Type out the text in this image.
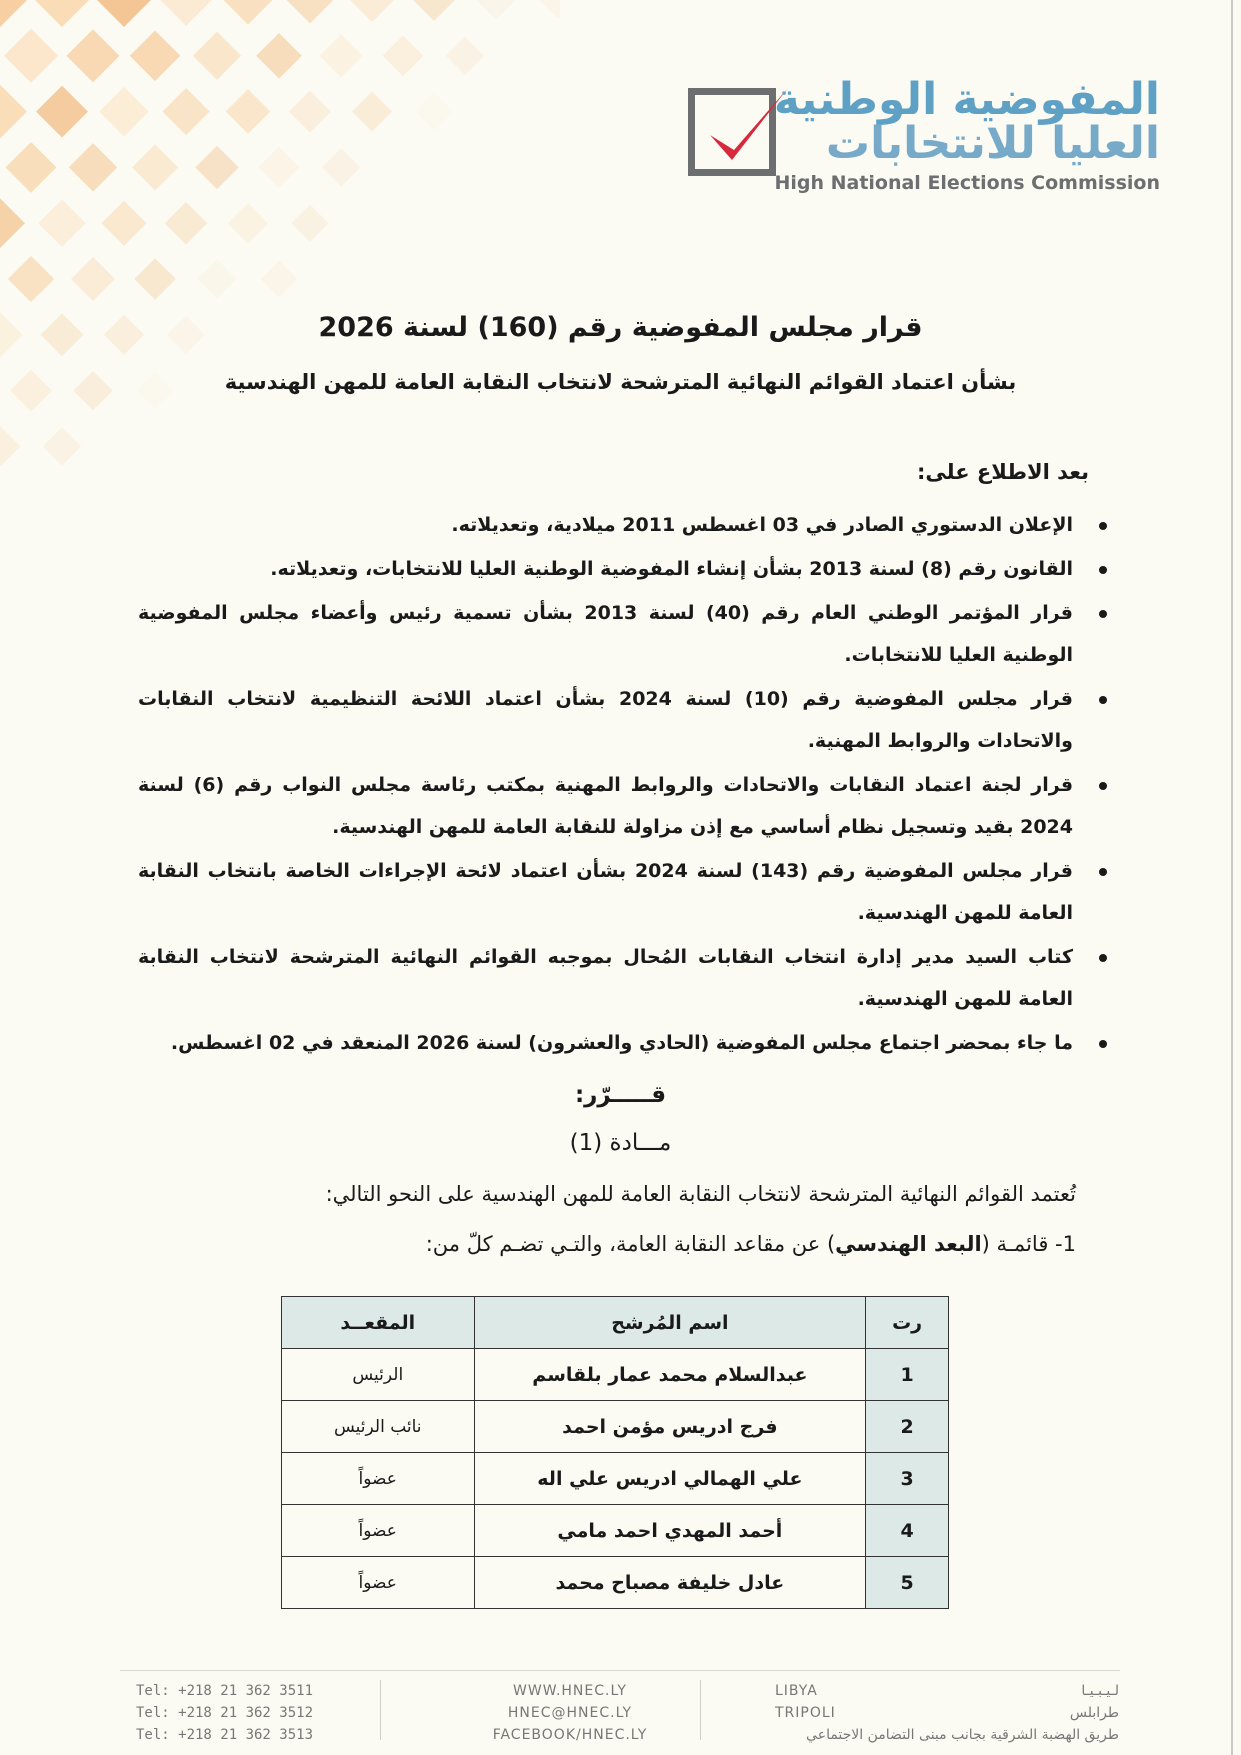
المفوضية الوطنية
العليا للانتخابات
High National Elections Commission
قرار مجلس المفوضية رقم (160) لسنة 2026
بشأن اعتماد القوائم النهائية المترشحة لانتخاب النقابة العامة للمهن الهندسية
بعد الاطلاع على:
الإعلان الدستوري الصادر في 03 اغسطس 2011 ميلادية، وتعديلاته.
القانون رقم (8) لسنة 2013 بشأن إنشاء المفوضية الوطنية العليا للانتخابات، وتعديلاته.
قرار المؤتمر الوطني العام رقم (40) لسنة 2013 بشأن تسمية رئيس وأعضاء مجلس المفوضية الوطنية العليا للانتخابات.
قرار مجلس المفوضية رقم (10) لسنة 2024 بشأن اعتماد اللائحة التنظيمية لانتخاب النقابات والاتحادات والروابط المهنية.
قرار لجنة اعتماد النقابات والاتحادات والروابط المهنية بمكتب رئاسة مجلس النواب رقم (6) لسنة 2024 بقيد وتسجيل نظام أساسي مع إذن مزاولة للنقابة العامة للمهن الهندسية.
قرار مجلس المفوضية رقم (143) لسنة 2024 بشأن اعتماد لائحة الإجراءات الخاصة بانتخاب النقابة العامة للمهن الهندسية.
كتاب السيد مدير إدارة انتخاب النقابات المُحال بموجبه القوائم النهائية المترشحة لانتخاب النقابة العامة للمهن الهندسية.
ما جاء بمحضر اجتماع مجلس المفوضية (الحادي والعشرون) لسنة 2026 المنعقد في 02 اغسطس.
قـــــرّر:
مـــادة (1)
تُعتمد القوائم النهائية المترشحة لانتخاب النقابة العامة للمهن الهندسية على النحو التالي:
1- قائمـة (البعد الهندسي) عن مقاعد النقابة العامة، والتـي تضـم كلّ من:
رت	اسم المُرشح	المقعــد
1	عبدالسلام محمد عمار بلقاسم	الرئيس
2	فرج ادريس مؤمن احمد	نائب الرئيس
3	علي الهمالي ادريس علي اله	عضواً
4	أحمد المهدي احمد مامي	عضواً
5	عادل خليفة مصباح محمد	عضواً
Tel: +218 21 362 3511
Tel: +218 21 362 3512
Tel: +218 21 362 3513
WWW.HNEC.LY
HNEC@HNEC.LY
FACEBOOK/HNEC.LY
LIBYA
TRIPOLI
لـيـبـيـا
طرابلس
طريق الهضبة الشرقية بجانب مبنى التضامن الاجتماعي
